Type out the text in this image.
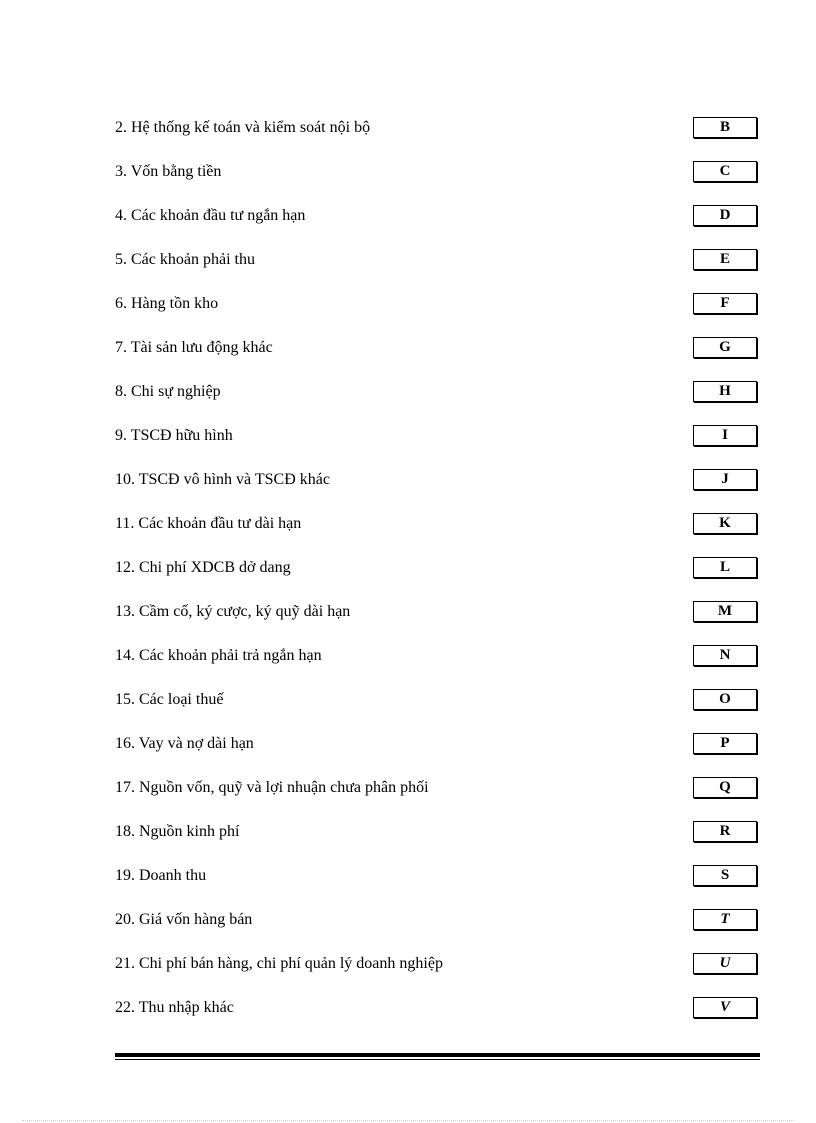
2. Hệ thống kế toán và kiểm soát nội bộ	B
3. Vốn bằng tiền	C
4. Các khoản đầu tư ngắn hạn	D
5. Các khoản phải thu	E
6. Hàng tồn kho	F
7. Tài sản lưu động khác	G
8. Chi sự nghiệp	H
9. TSCĐ hữu hình	I
10. TSCĐ vô hình và TSCĐ khác	J
11. Các khoản đầu tư dài hạn	K
12. Chi phí XDCB dở dang	L
13. Cầm cố, ký cược, ký quỹ dài hạn	M
14. Các khoản phải trả ngắn hạn	N
15. Các loại thuế	O
16. Vay và nợ dài hạn	P
17. Nguồn vốn, quỹ và lợi nhuận chưa phân phối	Q
18. Nguồn kinh phí	R
19. Doanh thu	S
20. Giá vốn hàng bán	T
21. Chi phí bán hàng, chi phí quản lý doanh nghiệp	U
22. Thu nhập khác	V
